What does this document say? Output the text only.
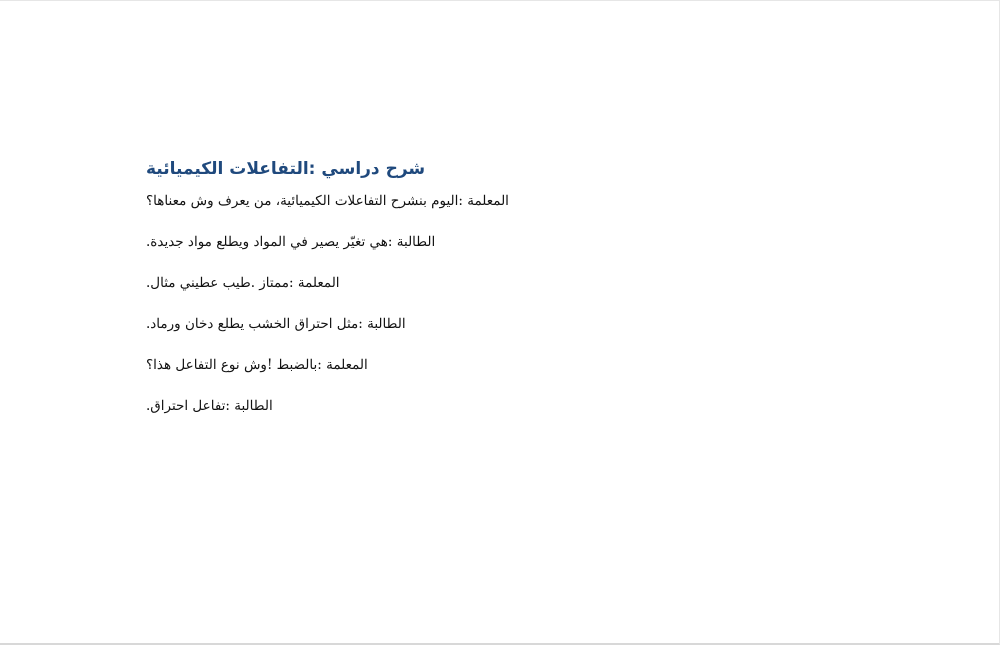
شرح دراسي :التفاعلات الكيميائية
المعلمة :اليوم بنشرح التفاعلات الكيميائية، من يعرف وش معناها؟
الطالبة :هي تغيّر يصير في المواد ويطلع مواد جديدة.
المعلمة :ممتاز .طيب عطيني مثال.
الطالبة :مثل احتراق الخشب يطلع دخان ورماد.
المعلمة :بالضبط !وش نوع التفاعل هذا؟
الطالبة :تفاعل احتراق.
